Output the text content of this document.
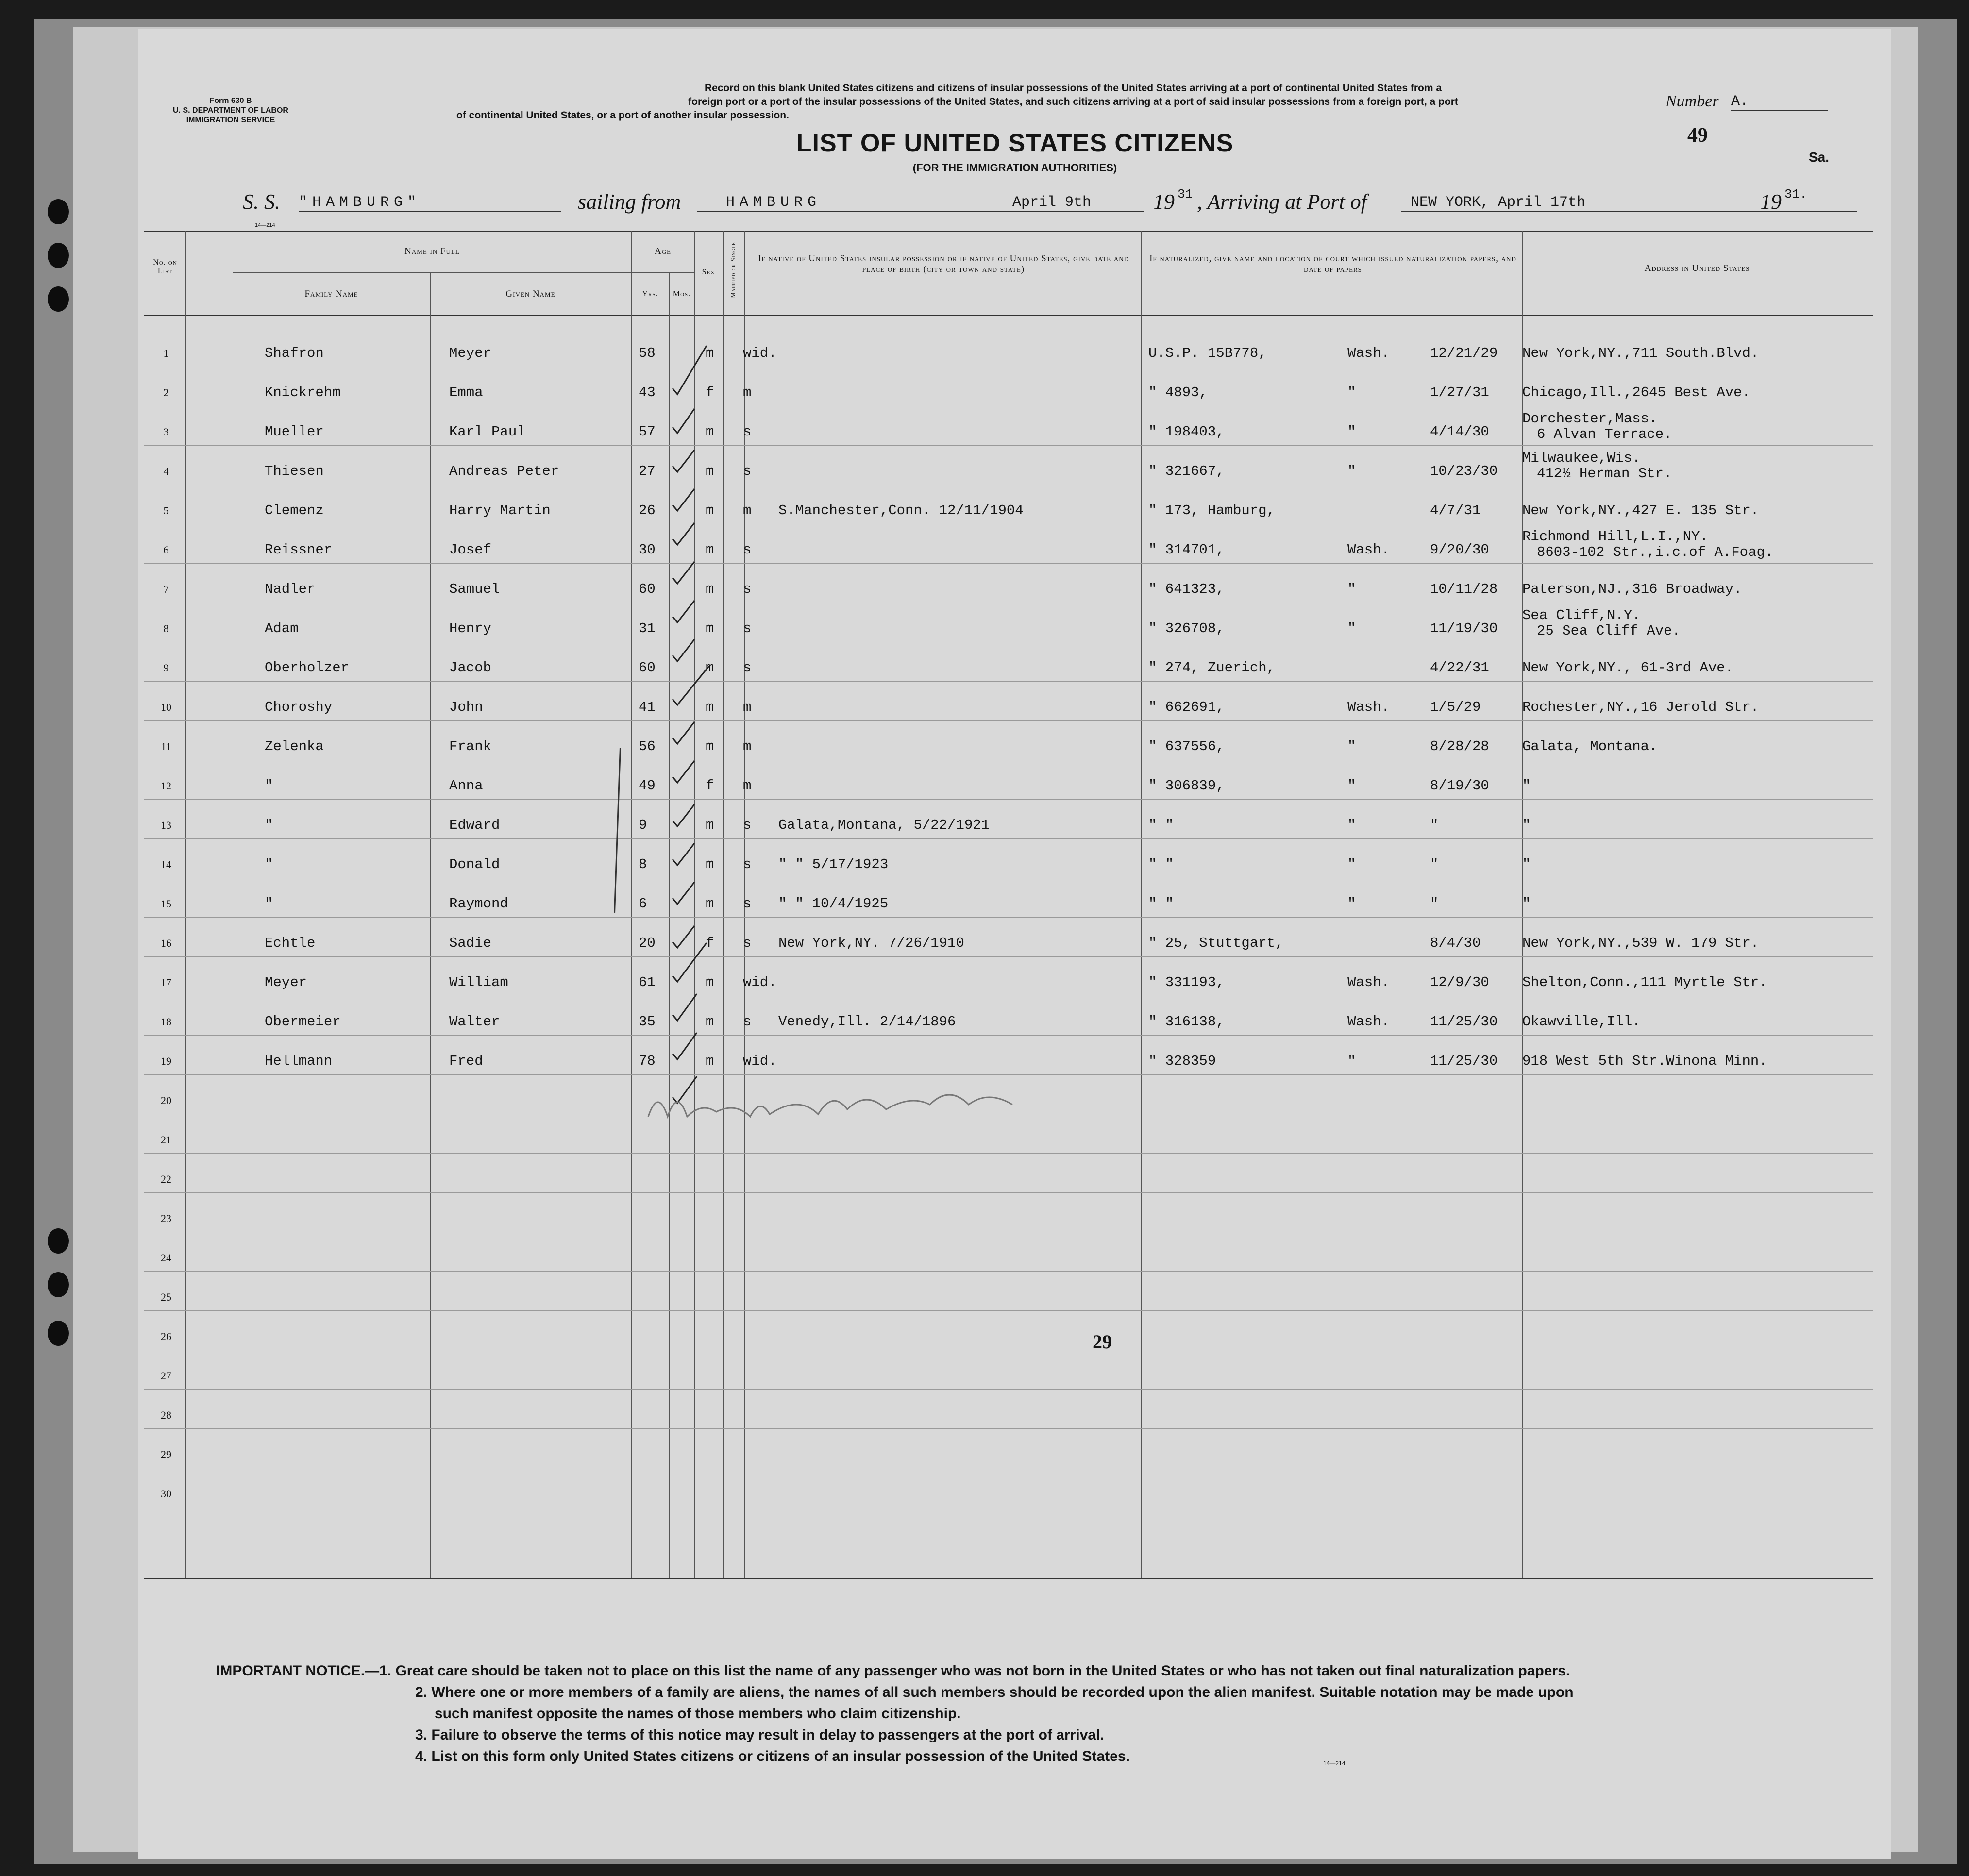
Form 630 B
U. S. DEPARTMENT OF LABOR
IMMIGRATION SERVICE
Record on this blank United States citizens and citizens of insular possessions of the United States arriving at a port of continental United States from a
foreign port or a port of the insular possessions of the United States, and such citizens arriving at a port of said insular possessions from a foreign port, a port
of continental United States, or a port of another insular possession.
Number A.
49
Sa.
LIST OF UNITED STATES CITIZENS
(FOR THE IMMIGRATION AUTHORITIES)
S. S. "HAMBURG"	sailing from	HAMBURG	April 9th	19 31 , Arriving at Port of	NEW YORK, April 17th	19 31.
14—214
No. on List
Name in Full
Family Name	Given Name
Age
Yrs.	Mos.
Sex	Married or Single	If native of United States insular possession or if native of United States, give date and place of birth (city or town and state)
If naturalized, give name and location of court which issued naturalization papers, and date of papers	Address in United States
1	Shafron	Meyer	58	m wid.	U.S.P. 15B778,	Wash.	12/21/29 New York,NY.,711 South.Blvd.
2	Knickrehm	Emma	43	f m	" 4893,	"	1/27/31 Chicago,Ill.,2645 Best Ave.
3	Mueller	Karl Paul	57	m s	" 198403,	"	4/14/30
Dorchester,Mass.
6 Alvan Terrace.
4	Thiesen	Andreas Peter	27	m s	" 321667,	"	10/23/30
Milwaukee,Wis.
412½ Herman Str.
5	Clemenz	Harry Martin	26	m m S.Manchester,Conn. 12/11/1904	" 173, Hamburg,	4/7/31	New York,NY.,427 E. 135 Str.
6	Reissner	Josef	30	m s	" 314701,	Wash.	9/20/30
Richmond Hill,L.I.,NY.
8603-102 Str.,i.c.of A.Foag.
7	Nadler	Samuel	60	m s	" 641323,	"	10/11/28 Paterson,NJ.,316 Broadway.
8	Adam	Henry	31	m s	" 326708,	"	11/19/30
Sea Cliff,N.Y.
25 Sea Cliff Ave.
9	Oberholzer	Jacob	60	m s	" 274, Zuerich,	4/22/31 New York,NY., 61-3rd Ave.
10	Choroshy	John	41	m m	" 662691,	Wash.	1/5/29	Rochester,NY.,16 Jerold Str.
11	Zelenka	Frank	56	m m	" 637556,	"	8/28/28 Galata, Montana.
12	"	Anna	49	f m	" 306839,	"	8/19/30 "
13	"	Edward	9	m s Galata,Montana, 5/22/1921	" "	"	"	"
14	"	Donald	8	m s " " 5/17/1923	" "	"	"	"
15	"	Raymond	6	m s " " 10/4/1925	" "	"	"	"
16	Echtle	Sadie	20	f s New York,NY. 7/26/1910	" 25, Stuttgart,	8/4/30	New York,NY.,539 W. 179 Str.
17	Meyer	William	61	m wid.	" 331193,	Wash.	12/9/30 Shelton,Conn.,111 Myrtle Str.
18	Obermeier	Walter	35	m s Venedy,Ill. 2/14/1896	" 316138,	Wash.	11/25/30 Okawville,Ill.
19	Hellmann	Fred	78	m wid.	" 328359	"	11/25/30 918 West 5th Str.Winona Minn.
20
21
22
23
24
25
26
27
28
29
30
29
IMPORTANT NOTICE.—1. Great care should be taken not to place on this list the name of any passenger who was not born in the United States or who has not taken out final naturalization papers.
2. Where one or more members of a family are aliens, the names of all such members should be recorded upon the alien manifest. Suitable notation may be made upon
such manifest opposite the names of those members who claim citizenship.
3. Failure to observe the terms of this notice may result in delay to passengers at the port of arrival.
4. List on this form only United States citizens or citizens of an insular possession of the United States.	14—214
